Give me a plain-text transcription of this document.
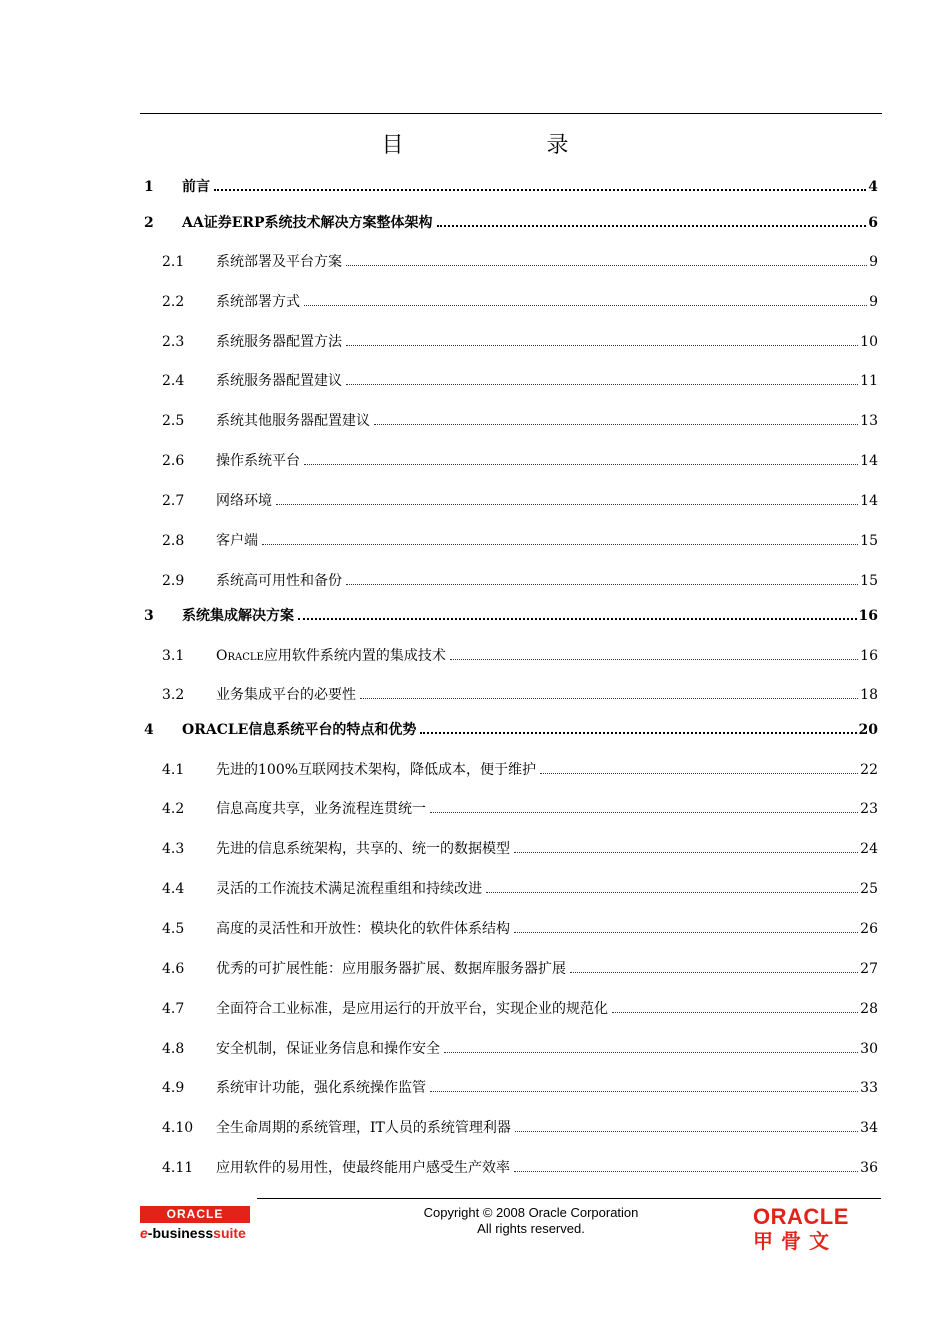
目 录
1	前言	4
2	AA证券ERP系统技术解决方案整体架构	6
2.1	系统部署及平台方案	9
2.2	系统部署方式	9
2.3	系统服务器配置方法	10
2.4	系统服务器配置建议	11
2.5	系统其他服务器配置建议	13
2.6	操作系统平台	14
2.7	网络环境	14
2.8	客户端	15
2.9	系统高可用性和备份	15
3	系统集成解决方案	16
3.1	ORACLE应用软件系统内置的集成技术	16
3.2	业务集成平台的必要性	18
4	ORACLE信息系统平台的特点和优势	20
4.1	先进的100%互联网技术架构，降低成本，便于维护	22
4.2	信息高度共享，业务流程连贯统一	23
4.3	先进的信息系统架构，共享的、统一的数据模型	24
4.4	灵活的工作流技术满足流程重组和持续改进	25
4.5	高度的灵活性和开放性：模块化的软件体系结构	26
4.6	优秀的可扩展性能：应用服务器扩展、数据库服务器扩展	27
4.7	全面符合工业标准，是应用运行的开放平台，实现企业的规范化	28
4.8	安全机制，保证业务信息和操作安全	30
4.9	系统审计功能，强化系统操作监管	33
4.10	全生命周期的系统管理，IT人员的系统管理利器	34
4.11	应用软件的易用性，使最终能用户感受生产效率	36
ORACLE
e-businesssuite
Copyright © 2008 Oracle Corporation
All rights reserved.	ORACLE
甲骨文
